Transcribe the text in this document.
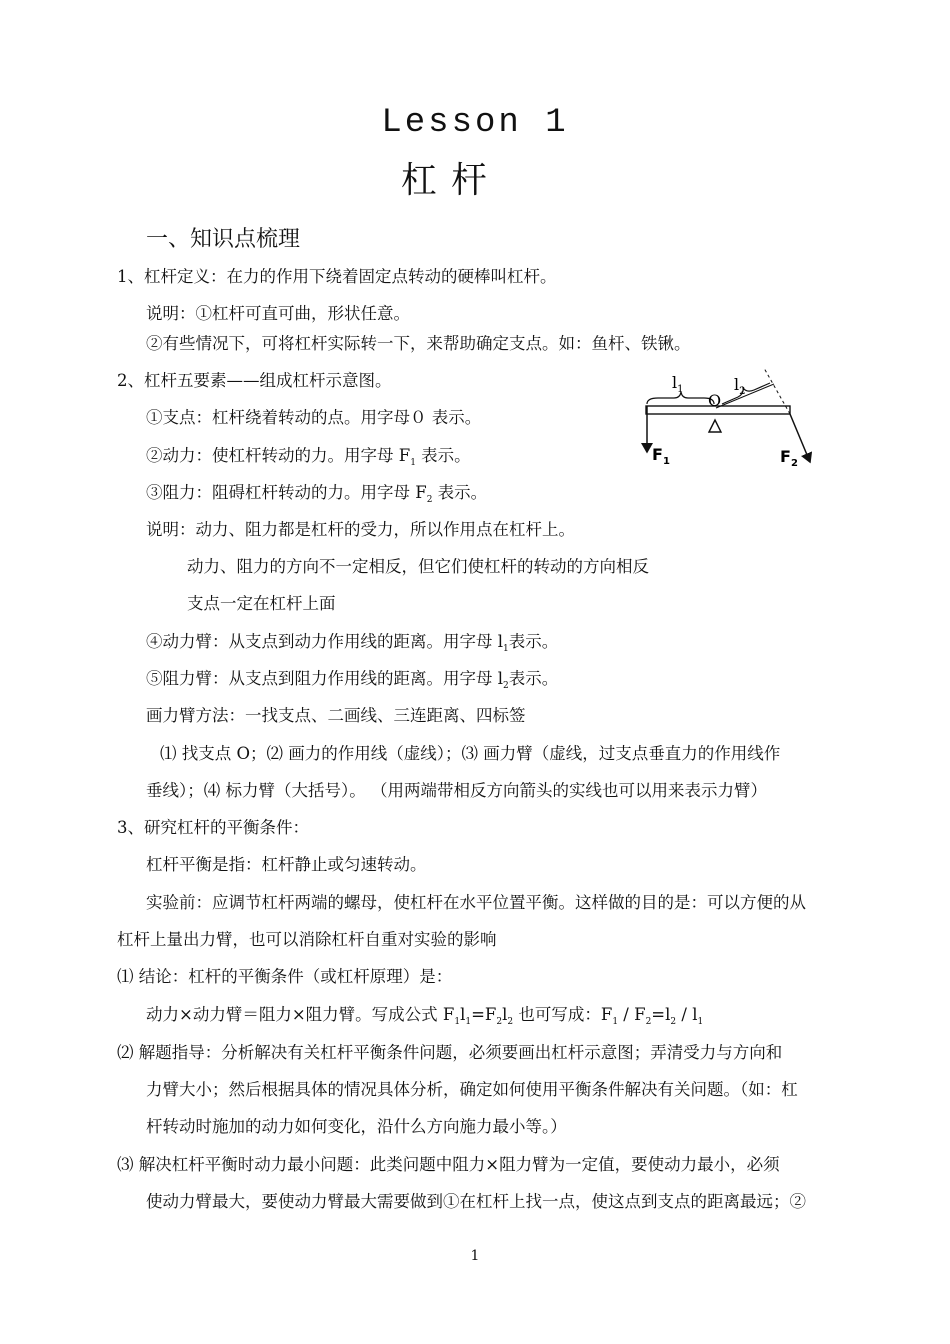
Lesson 1
杠杆
一、知识点梳理
1、杠杆定义：在力的作用下绕着固定点转动的硬棒叫杠杆。
说明：①杠杆可直可曲，形状任意。
②有些情况下，可将杠杆实际转一下，来帮助确定支点。如：鱼杆、铁锹。
2、杠杆五要素——组成杠杆示意图。
①支点：杠杆绕着转动的点。用字母０ 表示。
②动力：使杠杆转动的力。用字母 $F_1$ 表示。
③阻力：阻碍杠杆转动的力。用字母 $F_2$ 表示。
说明：动力、阻力都是杠杆的受力，所以作用点在杠杆上。
动力、阻力的方向不一定相反，但它们使杠杆的转动的方向相反
支点一定在杠杆上面
④动力臂：从支点到动力作用线的距离。用字母 $l_1$表示。
⑤阻力臂：从支点到阻力作用线的距离。用字母 $l_2$表示。
画力臂方法：一找支点、二画线、三连距离、四标签
⑴ 找支点 O；⑵ 画力的作用线（虚线）；⑶ 画力臂（虚线，过支点垂直力的作用线作
垂线）；⑷ 标力臂（大括号）。 （用两端带相反方向箭头的实线也可以用来表示力臂）
3、研究杠杆的平衡条件：
杠杆平衡是指：杠杆静止或匀速转动。
实验前：应调节杠杆两端的螺母，使杠杆在水平位置平衡。这样做的目的是：可以方便的从
杠杆上量出力臂，也可以消除杠杆自重对实验的影响
⑴ 结论：杠杆的平衡条件（或杠杆原理）是：
动力×动力臂＝阻力×阻力臂。写成公式 $F_1l_1=F_2l_2$ 也可写成：$F_1 / F_2=l_2 / l_1$
⑵ 解题指导：分析解决有关杠杆平衡条件问题，必须要画出杠杆示意图；弄清受力与方向和
力臂大小；然后根据具体的情况具体分析，确定如何使用平衡条件解决有关问题。（如：杠
杆转动时施加的动力如何变化，沿什么方向施力最小等。）
⑶ 解决杠杆平衡时动力最小问题：此类问题中阻力×阻力臂为一定值，要使动力最小，必须
使动力臂最大，要使动力臂最大需要做到①在杠杆上找一点，使这点到支点的距离最远；②
$l_1$	$l_2$
O
$F_1$	$F_2$
1
